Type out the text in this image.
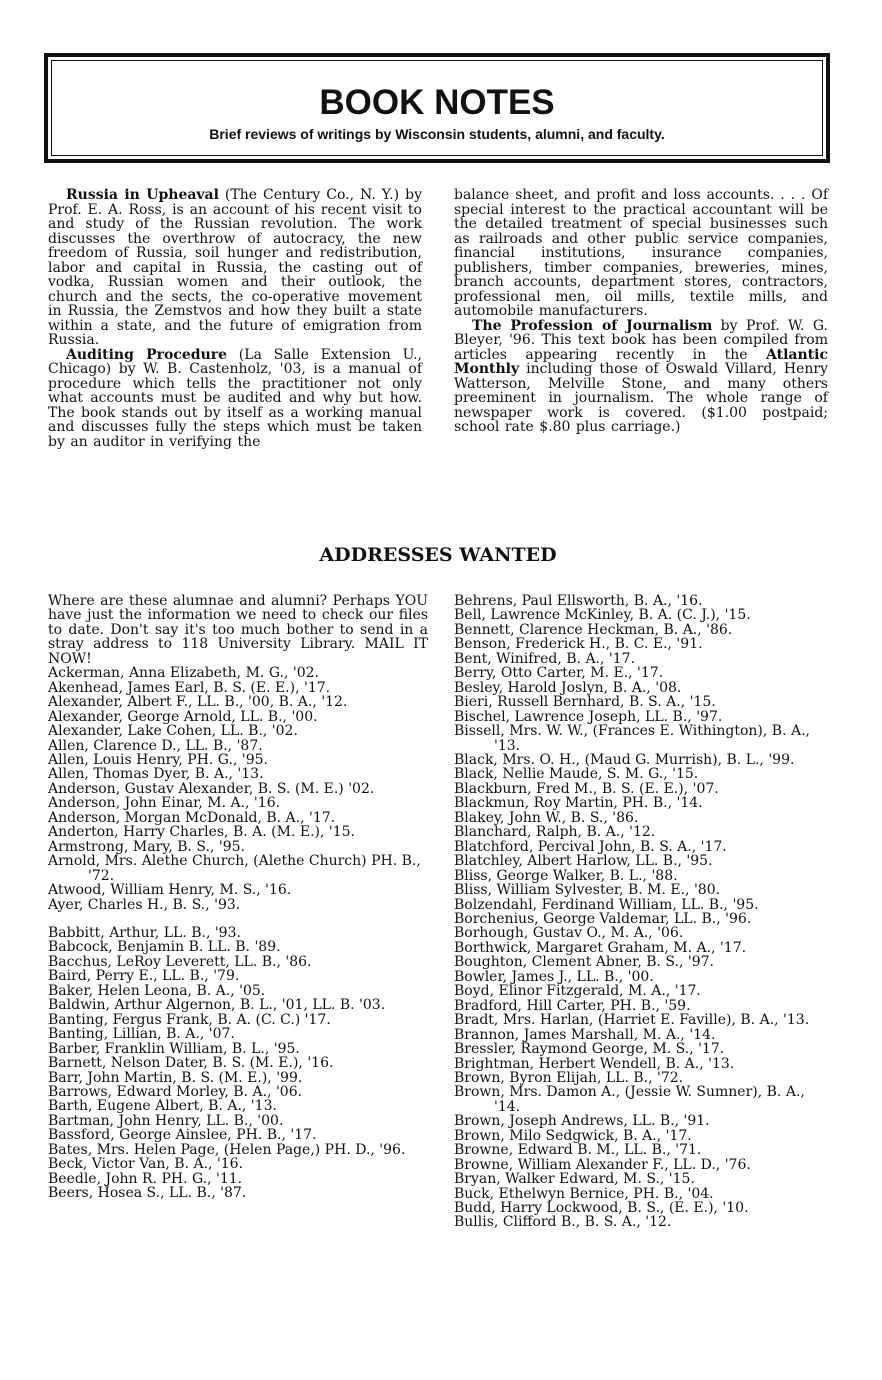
BOOK NOTES

Brief reviews of writings by Wisconsin students, alumni, and faculty.

Russia in Upheaval (The Century Co., N. Y.) by Prof. E. A. Ross, is an account of his recent visit to and study of the Russian revolution. The work discusses the overthrow of autocracy, the new freedom of Russia, soil hunger and redistribution, labor and capital in Russia, the casting out of vodka, Russian women and their outlook, the church and the sects, the co-operative movement in Russia, the Zemstvos and how they built a state within a state, and the future of emigration from Russia.

Auditing Procedure (La Salle Extension U., Chicago) by W. B. Castenholz, '03, is a manual of procedure which tells the practitioner not only what accounts must be audited and why but how. The book stands out by itself as a working manual and discusses fully the steps which must be taken by an auditor in verifying the

balance sheet, and profit and loss accounts. . . . Of special interest to the practical accountant will be the detailed treatment of special businesses such as railroads and other public service companies, financial institutions, insurance companies, publishers, timber companies, breweries, mines, branch accounts, department stores, contractors, professional men, oil mills, textile mills, and automobile manufacturers.

The Profession of Journalism by Prof. W. G. Bleyer, '96. This text book has been compiled from articles appearing recently in the Atlantic Monthly including those of Oswald Villard, Henry Watterson, Melville Stone, and many others preeminent in journalism. The whole range of newspaper work is covered. ($1.00 postpaid; school rate $.80 plus carriage.)

ADDRESSES WANTED

Where are these alumnae and alumni? Perhaps YOU have just the information we need to check our files to date. Don't say it's too much bother to send in a stray address to 118 University Library. MAIL IT NOW!

Ackerman, Anna Elizabeth, M. G., '02.

Akenhead, James Earl, B. S. (E. E.), '17.

Alexander, Albert F., LL. B., '00, B. A., '12.

Alexander, George Arnold, LL. B., '00.

Alexander, Lake Cohen, LL. B., '02.

Allen, Clarence D., LL. B., '87.

Allen, Louis Henry, PH. G., '95.

Allen, Thomas Dyer, B. A., '13.

Anderson, Gustav Alexander, B. S. (M. E.) '02.

Anderson, John Einar, M. A., '16.

Anderson, Morgan McDonald, B. A., '17.

Anderton, Harry Charles, B. A. (M. E.), '15.

Armstrong, Mary, B. S., '95.

Arnold, Mrs. Alethe Church, (Alethe Church) PH. B., '72.

Atwood, William Henry, M. S., '16.

Ayer, Charles H., B. S., '93.

Babbitt, Arthur, LL. B., '93.

Babcock, Benjamin B. LL. B. '89.

Bacchus, LeRoy Leverett, LL. B., '86.

Baird, Perry E., LL. B., '79.

Baker, Helen Leona, B. A., '05.

Baldwin, Arthur Algernon, B. L., '01, LL. B. '03.

Banting, Fergus Frank, B. A. (C. C.) '17.

Banting, Lillian, B. A., '07.

Barber, Franklin William, B. L., '95.

Barnett, Nelson Dater, B. S. (M. E.), '16.

Barr, John Martin, B. S. (M. E.), '99.

Barrows, Edward Morley, B. A., '06.

Barth, Eugene Albert, B. A., '13.

Bartman, John Henry, LL. B., '00.

Bassford, George Ainslee, PH. B., '17.

Bates, Mrs. Helen Page, (Helen Page,) PH. D., '96.

Beck, Victor Van, B. A., '16.

Beedle, John R. PH. G., '11.

Beers, Hosea S., LL. B., '87.

Behrens, Paul Ellsworth, B. A., '16.

Bell, Lawrence McKinley, B. A. (C. J.), '15.

Bennett, Clarence Heckman, B. A., '86.

Benson, Frederick H., B. C. E., '91.

Bent, Winifred, B. A., '17.

Berry, Otto Carter, M. E., '17.

Besley, Harold Joslyn, B. A., '08.

Bieri, Russell Bernhard, B. S. A., '15.

Bischel, Lawrence Joseph, LL. B., '97.

Bissell, Mrs. W. W., (Frances E. Withington), B. A., '13.

Black, Mrs. O. H., (Maud G. Murrish), B. L., '99.

Black, Nellie Maude, S. M. G., '15.

Blackburn, Fred M., B. S. (E. E.), '07.

Blackmun, Roy Martin, PH. B., '14.

Blakey, John W., B. S., '86.

Blanchard, Ralph, B. A., '12.

Blatchford, Percival John, B. S. A., '17.

Blatchley, Albert Harlow, LL. B., '95.

Bliss, George Walker, B. L., '88.

Bliss, William Sylvester, B. M. E., '80.

Bolzendahl, Ferdinand William, LL. B., '95.

Borchenius, George Valdemar, LL. B., '96.

Borhough, Gustav O., M. A., '06.

Borthwick, Margaret Graham, M. A., '17.

Boughton, Clement Abner, B. S., '97.

Bowler, James J., LL. B., '00.

Boyd, Elinor Fitzgerald, M. A., '17.

Bradford, Hill Carter, PH. B., '59.

Bradt, Mrs. Harlan, (Harriet E. Faville), B. A., '13.

Brannon, James Marshall, M. A., '14.

Bressler, Raymond George, M. S., '17.

Brightman, Herbert Wendell, B. A., '13.

Brown, Byron Elijah, LL. B., '72.

Brown, Mrs. Damon A., (Jessie W. Sumner), B. A., '14.

Brown, Joseph Andrews, LL. B., '91.

Brown, Milo Sedgwick, B. A., '17.

Browne, Edward B. M., LL. B., '71.

Browne, William Alexander F., LL. D., '76.

Bryan, Walker Edward, M. S., '15.

Buck, Ethelwyn Bernice, PH. B., '04.

Budd, Harry Lockwood, B. S., (E. E.), '10.

Bullis, Clifford B., B. S. A., '12.
